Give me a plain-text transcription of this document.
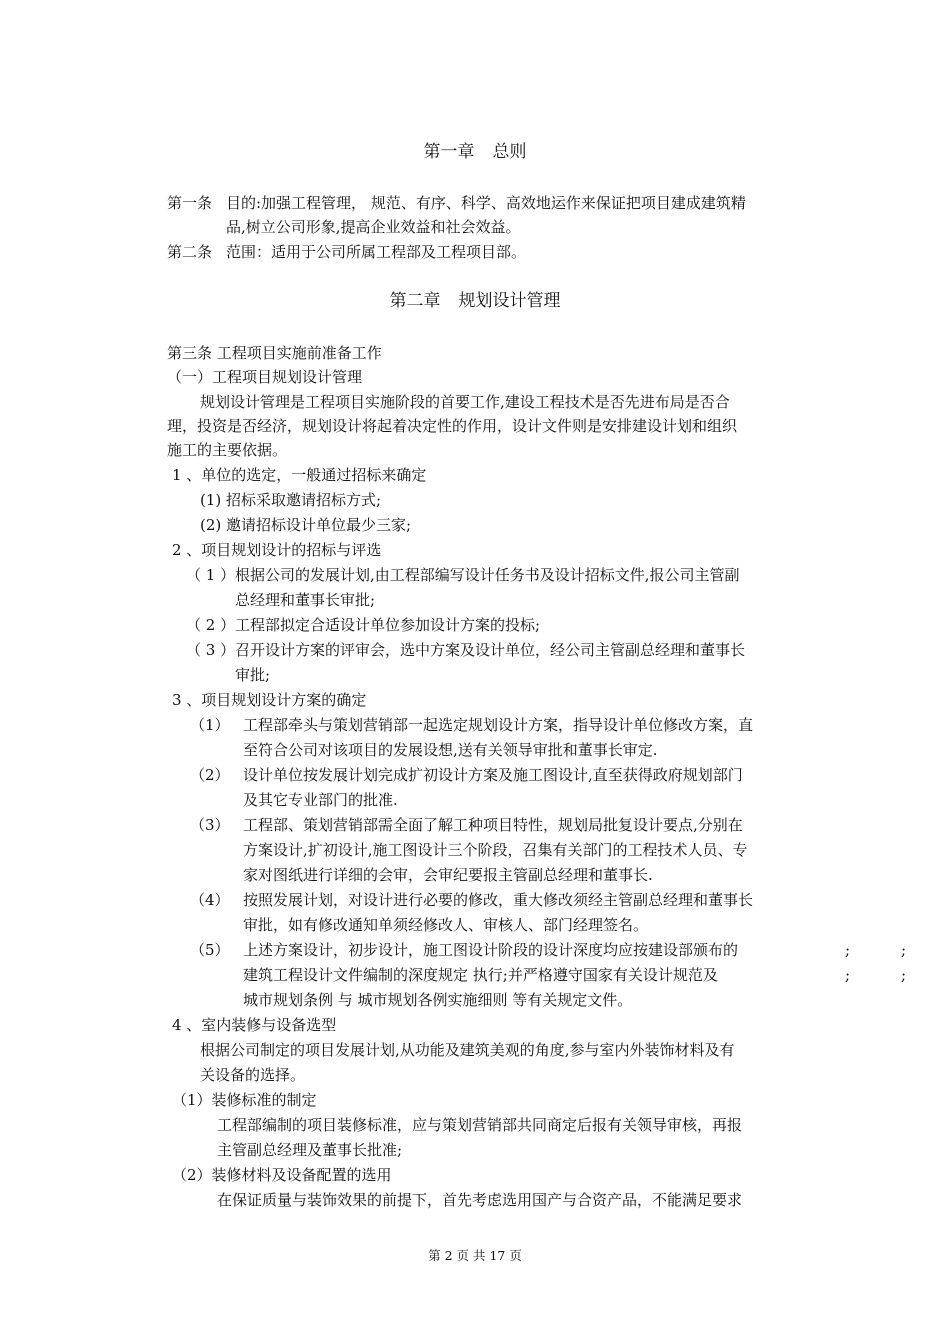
第一章 总则
第一条 目的:加强工程管理， 规范、有序、科学、高效地运作来保证把项目建成建筑精
品,树立公司形象,提高企业效益和社会效益。
第二条 范围：适用于公司所属工程部及工程项目部。
第二章 规划设计管理
第三条 工程项目实施前准备工作
（一）工程项目规划设计管理
规划设计管理是工程项目实施阶段的首要工作,建设工程技术是否先进布局是否合
理，投资是否经济，规划设计将起着决定性的作用，设计文件则是安排建设计划和组织
施工的主要依据。
1 、单位的选定，一般通过招标来确定
(1) 招标采取邀请招标方式;
(2) 邀请招标设计单位最少三家;
2 、项目规划设计的招标与评选
（ 1 ） 根据公司的发展计划,由工程部编写设计任务书及设计招标文件,报公司主管副
总经理和董事长审批;
（ 2 ） 工程部拟定合适设计单位参加设计方案的投标;
（ 3 ） 召开设计方案的评审会，选中方案及设计单位，经公司主管副总经理和董事长
审批;
3 、项目规划设计方案的确定
（1） 工程部牵头与策划营销部一起选定规划设计方案，指导设计单位修改方案，直
至符合公司对该项目的发展设想,送有关领导审批和董事长审定.
（2） 设计单位按发展计划完成扩初设计方案及施工图设计,直至获得政府规划部门
及其它专业部门的批准.
（3） 工程部、策划营销部需全面了解工种项目特性，规划局批复设计要点,分别在
方案设计,扩初设计,施工图设计三个阶段，召集有关部门的工程技术人员、专
家对图纸进行详细的会审，会审纪要报主管副总经理和董事长.
（4） 按照发展计划，对设计进行必要的修改，重大修改须经主管副总经理和董事长
审批，如有修改通知单须经修改人、审核人、部门经理签名。
（5） 上述方案设计，初步设计，施工图设计阶段的设计深度均应按建设部颁布的
建筑工程设计文件编制的深度规定 执行;并严格遵守国家有关设计规范及
城市规划条例 与 城市规划各例实施细则 等有关规定文件。
;	;
;	;
4 、室内装修与设备选型
根据公司制定的项目发展计划,从功能及建筑美观的角度,参与室内外装饰材料及有
关设备的选择。
（1）装修标准的制定
工程部编制的项目装修标准，应与策划营销部共同商定后报有关领导审核，再报
主管副总经理及董事长批准;
（2）装修材料及设备配置的选用
在保证质量与装饰效果的前提下，首先考虑选用国产与合资产品，不能满足要求
第 2 页 共 17 页
